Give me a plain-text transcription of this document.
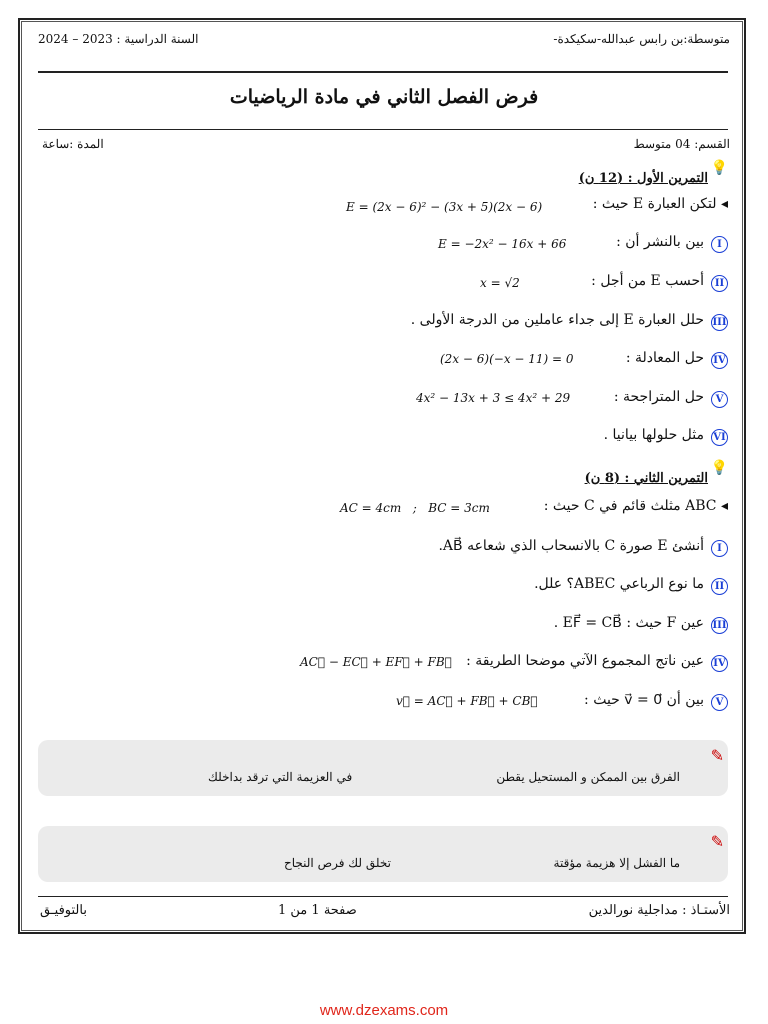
متوسطة:بن رابس عبدالله-سكيكدة-
السنة الدراسية : 2023 – 2024
فرض الفصل الثاني في مادة الرياضيات
القسم: 04 متوسط
المدة :ساعة
💡
التمرين الأول : (12 ن)
◂ لتكن العبارة E حيث :
E = (2x − 6)² − (3x + 5)(2x − 6)
I
بين بالنشر أن :
E = −2x² − 16x + 66
II
أحسب E من أجل :
x = √2
III
حلل العبارة E إلى جداء عاملين من الدرجة الأولى .
IV
حل المعادلة :
(2x − 6)(−x − 11) = 0
V
حل المتراجحة :
4x² − 13x + 3 ≤ 4x² + 29
VI
مثل حلولها بيانيا .
💡
التمرين الثاني : (8 ن)
◂ ABC مثلث قائم في C حيث :
AC = 4cm   ;   BC = 3cm
I
أنشئ E صورة C بالانسحاب الذي شعاعه AB⃗.
II
ما نوع الرباعي ABEC؟ علل.
III
عين F حيث : EF⃗ = CB⃗ .
IV
عين ناتج المجموع الآتي موضحا الطريقة :
AC⃗ − EC⃗ + EF⃗ + FB⃗
V
بين أن 0⃗ = v⃗ حيث :
v⃗ = AC⃗ + FB⃗ + CB⃗
✎
الفرق بين الممكن و المستحيل يقطن
في العزيمة التي ترقد بداخلك
✎
ما الفشل إلا هزيمة مؤقتة
تخلق لك فرص النجاح
الأستـاذ : مداجلية نورالدين
صفحة 1 من 1
بالتوفيـق
www.dzexams.com
